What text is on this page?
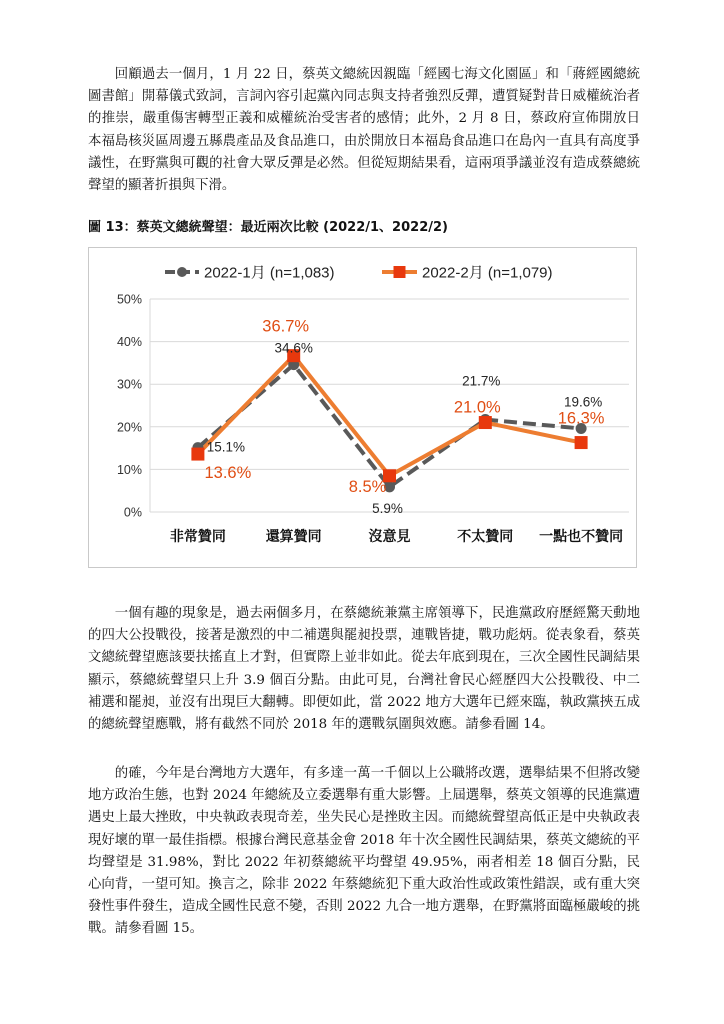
回顧過去一個月，1 月 22 日，蔡英文總統因親臨「經國七海文化園區」和「蔣經國總統圖書館」開幕儀式致詞，言詞內容引起黨內同志與支持者強烈反彈，遭質疑對昔日威權統治者的推崇，嚴重傷害轉型正義和威權統治受害者的感情；此外，2 月 8 日，蔡政府宣佈開放日本福島核災區周邊五縣農產品及食品進口，由於開放日本福島食品進口在島內一直具有高度爭議性，在野黨與可觀的社會大眾反彈是必然。但從短期結果看，這兩項爭議並沒有造成蔡總統聲望的顯著折損與下滑。

圖 13：蔡英文總統聲望：最近兩次比較 (2022/1、2022/2)
50%
40%
30%
20%
10%
0%
非常贊同	還算贊同	沒意見	不太贊同 一點也不贊同
15.1%
34.6%
5.9%
21.7%
19.6%
13.6%
36.7%
8.5%
21.0%
16.3%
2022-1月 (n=1,083)	2022-2月 (n=1,079)

一個有趣的現象是，過去兩個多月，在蔡總統兼黨主席領導下，民進黨政府歷經驚天動地的四大公投戰役，接著是激烈的中二補選與罷昶投票，連戰皆捷，戰功彪炳。從表象看，蔡英文總統聲望應該要扶搖直上才對，但實際上並非如此。從去年底到現在，三次全國性民調結果顯示，蔡總統聲望只上升 3.9 個百分點。由此可見，台灣社會民心經歷四大公投戰役、中二補選和罷昶，並沒有出現巨大翻轉。即便如此，當 2022 地方大選年已經來臨，執政黨挾五成的總統聲望應戰，將有截然不同於 2018 年的選戰氛圍與效應。請參看圖 14。

的確，今年是台灣地方大選年，有多達一萬一千個以上公職將改選，選舉結果不但將改變地方政治生態，也對 2024 年總統及立委選舉有重大影響。上屆選舉，蔡英文領導的民進黨遭遇史上最大挫敗，中央執政表現奇差，坐失民心是挫敗主因。而總統聲望高低正是中央執政表現好壞的單一最佳指標。根據台灣民意基金會 2018 年十次全國性民調結果，蔡英文總統的平均聲望是 31.98%，對比 2022 年初蔡總統平均聲望 49.95%，兩者相差 18 個百分點，民心向背，一望可知。換言之，除非 2022 年蔡總統犯下重大政治性或政策性錯誤，或有重大突發性事件發生，造成全國性民意不變，否則 2022 九合一地方選舉，在野黨將面臨極嚴峻的挑戰。請參看圖 15。
